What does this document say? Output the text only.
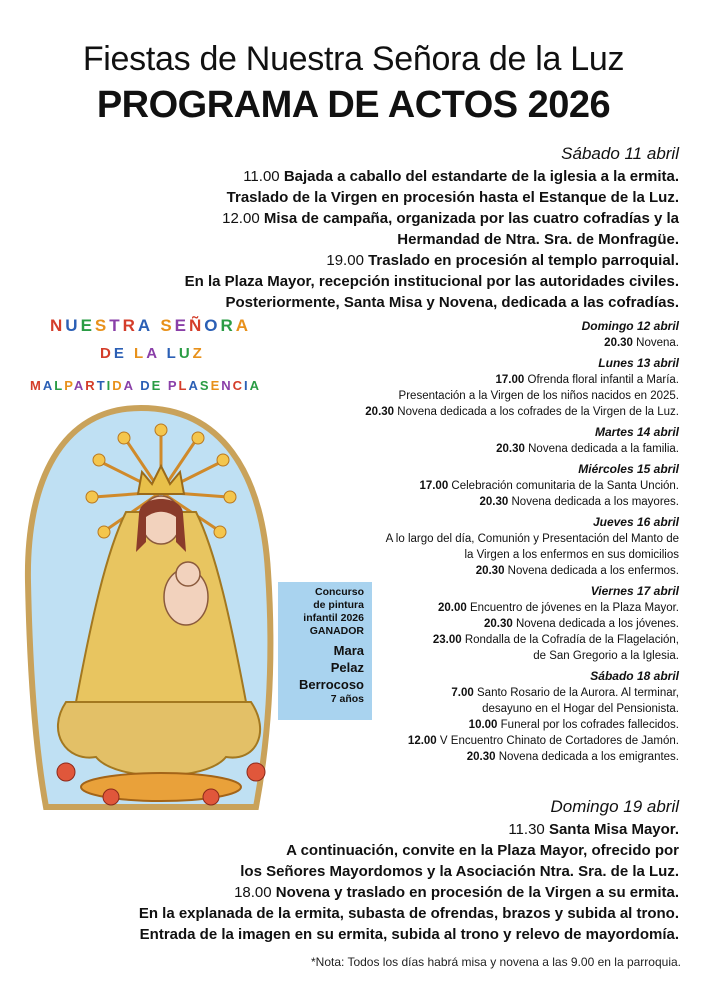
Fiestas de Nuestra Señora de la Luz
PROGRAMA DE ACTOS 2026
Sábado 11 abril
11.00 Bajada a caballo del estandarte de la iglesia a la ermita.
Traslado de la Virgen en procesión hasta el Estanque de la Luz.
12.00 Misa de campaña, organizada por las cuatro cofradías y la
Hermandad de Ntra. Sra. de Monfragüe.
19.00 Traslado en procesión al templo parroquial.
En la Plaza Mayor, recepción institucional por las autoridades civiles.
Posteriormente, Santa Misa y Novena, dedicada a las cofradías.
NUESTRA SEÑORA
DE LA LUZ
MALPARTIDA DE PLASENCIA
Concurso
de pintura
infantil 2026
GANADOR
Mara
Pelaz
Berrocoso
7 años
Domingo 12 abril
20.30 Novena.
Lunes 13 abril
17.00 Ofrenda floral infantil a María.
Presentación a la Virgen de los niños nacidos en 2025.
20.30 Novena dedicada a los cofrades de la Virgen de la Luz.
Martes 14 abril
20.30 Novena dedicada a la familia.
Miércoles 15 abril
17.00 Celebración comunitaria de la Santa Unción.
20.30 Novena dedicada a los mayores.
Jueves 16 abril
A lo largo del día, Comunión y Presentación del Manto de
la Virgen a los enfermos en sus domicilios
20.30 Novena dedicada a los enfermos.
Viernes 17 abril
20.00 Encuentro de jóvenes en la Plaza Mayor.
20.30 Novena dedicada a los jóvenes.
23.00 Rondalla de la Cofradía de la Flagelación,
de San Gregorio a la Iglesia.
Sábado 18 abril
7.00 Santo Rosario de la Aurora. Al terminar,
desayuno en el Hogar del Pensionista.
10.00 Funeral por los cofrades fallecidos.
12.00 V Encuentro Chinato de Cortadores de Jamón.
20.30 Novena dedicada a los emigrantes.
Domingo 19 abril
11.30 Santa Misa Mayor.
A continuación, convite en la Plaza Mayor, ofrecido por
los Señores Mayordomos y la Asociación Ntra. Sra. de la Luz.
18.00 Novena y traslado en procesión de la Virgen a su ermita.
En la explanada de la ermita, subasta de ofrendas, brazos y subida al trono.
Entrada de la imagen en su ermita, subida al trono y relevo de mayordomía.
*Nota: Todos los días habrá misa y novena a las 9.00 en la parroquia.
